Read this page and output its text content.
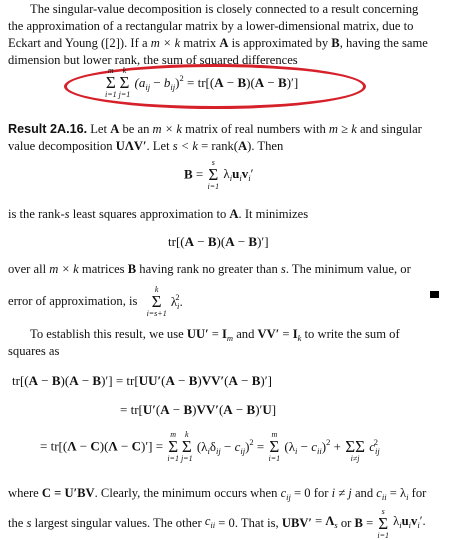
The singular-value decomposition is closely connected to a result concerning
the approximation of a rectangular matrix by a lower-dimensional matrix, due to
Eckart and Young ([2]). If a m × k matrix A is approximated by B, having the same
dimension but lower rank, the sum of squared differences
m
Σ
i=1
k
Σ
j=1
$(a_{ij} - b_{ij})^2 = tr[(A - B)(A - B)']$
Result 2A.16. Let A be an m × k matrix of real numbers with m ≥ k and singular
value decomposition UΛV′. Let s < k = rank(A). Then
B =
s
Σ
i=1
$\lambda_iu_iv_i'$
is the rank-s least squares approximation to A. It minimizes
tr[(A − B)(A − B)′]
over all m × k matrices B having rank no greater than s. The minimum value, or
error of approximation, is
k
Σ
i=s+1
$\lambda_i^2$.
To establish this result, we use $UU' = I_m$ and $VV' = I_k$ to write the sum of
squares as
tr[(A − B)(A − B)′] = tr[UU′(A − B)VV′(A − B)′]
= tr[U′(A − B)VV′(A − B)′U]
= tr[(Λ − C)(Λ − C)′] =
m
Σ
i=1
k
Σ
j=1
$(\lambda_i\delta_{ij} - c_{ij})^2$ =
m
Σ
i=1
$(\lambda_i - c_{ii})^2$ +
ΣΣ
i≠j
$c_{ij}^2$
where C = U′BV. Clearly, the minimum occurs when $c_{ij} = 0$ for i ≠ j and $c_{ii} = \lambda_i$ for
the s largest singular values. The other $c_{ii} = 0$. That is, $UBV' = \Lambda_s$ or B =
s
Σ
i=1
$\lambda_iu_iv_i'$.
